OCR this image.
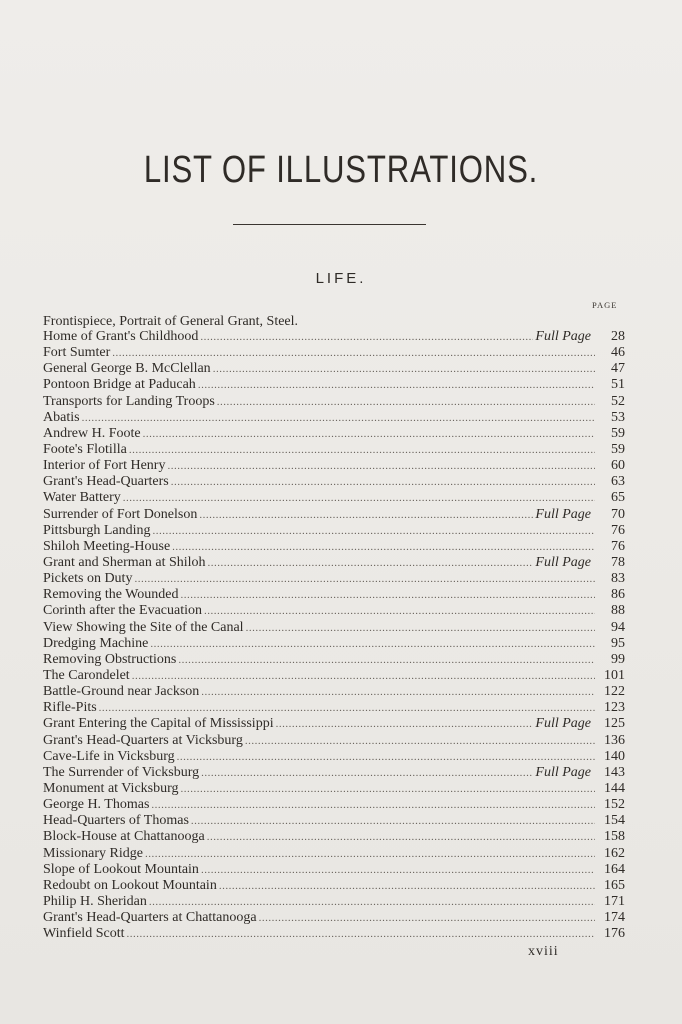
LIST OF ILLUSTRATIONS.
LIFE.
PAGE
Frontispiece, Portrait of General Grant, Steel.
Home of Grant's Childhood .....	Full Page	28
Fort Sumter .....	46
General George B. McClellan .....	47
Pontoon Bridge at Paducah .....	51
Transports for Landing Troops .....	52
Abatis .....	53
Andrew H. Foote .....	59
Foote's Flotilla .....	59
Interior of Fort Henry .....	60
Grant's Head-Quarters .....	63
Water Battery .....	65
Surrender of Fort Donelson .....	Full Page	70
Pittsburgh Landing .....	76
Shiloh Meeting-House .....	76
Grant and Sherman at Shiloh .....	Full Page	78
Pickets on Duty .....	83
Removing the Wounded .....	86
Corinth after the Evacuation .....	88
View Showing the Site of the Canal .....	94
Dredging Machine .....	95
Removing Obstructions .....	99
The Carondelet .....	101
Battle-Ground near Jackson .....	122
Rifle-Pits .....	123
Grant Entering the Capital of Mississippi .....	Full Page 125
Grant's Head-Quarters at Vicksburg .....	136
Cave-Life in Vicksburg .....	140
The Surrender of Vicksburg .....	Full Page 143
Monument at Vicksburg .....	144
George H. Thomas .....	152
Head-Quarters of Thomas .....	154
Block-House at Chattanooga .....	158
Missionary Ridge .....	162
Slope of Lookout Mountain .....	164
Redoubt on Lookout Mountain .....	165
Philip H. Sheridan .....	171
Grant's Head-Quarters at Chattanooga .....	174
Winfield Scott .....	176
xviii
